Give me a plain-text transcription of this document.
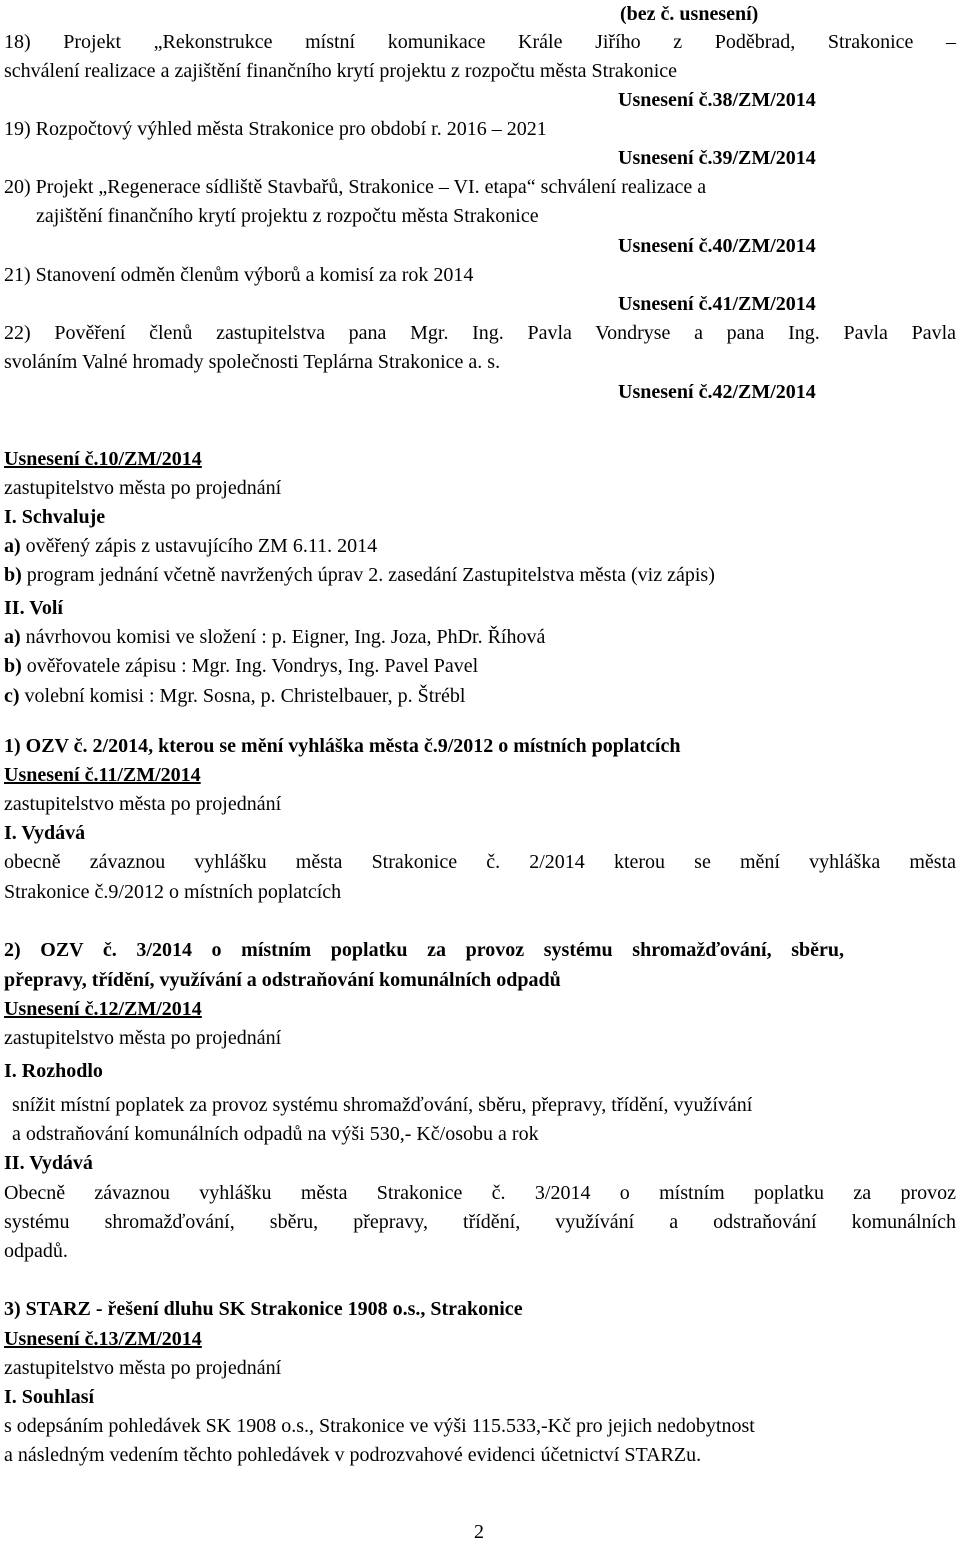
(bez č. usnesení)
18) Projekt „Rekonstrukce místní komunikace Krále Jiřího z Poděbrad, Strakonice –
schválení realizace a zajištění finančního krytí projektu z rozpočtu města Strakonice
Usnesení č.38/ZM/2014
19) Rozpočtový výhled města Strakonice pro období r. 2016 – 2021
Usnesení č.39/ZM/2014
20) Projekt „Regenerace sídliště Stavbařů, Strakonice – VI. etapa“ schválení realizace a
zajištění finančního krytí projektu z rozpočtu města Strakonice
Usnesení č.40/ZM/2014
21) Stanovení odměn členům výborů a komisí za rok 2014
Usnesení č.41/ZM/2014
22) Pověření členů zastupitelstva pana Mgr. Ing. Pavla Vondryse a pana Ing. Pavla Pavla
svoláním Valné hromady společnosti Teplárna Strakonice a. s.
Usnesení č.42/ZM/2014
Usnesení č.10/ZM/2014
zastupitelstvo města po projednání
I. Schvaluje
a) ověřený zápis z ustavujícího ZM 6.11. 2014
b) program jednání včetně navržených úprav 2. zasedání Zastupitelstva města (viz zápis)
II. Volí
a) návrhovou komisi ve složení : p. Eigner, Ing. Joza, PhDr. Říhová
b) ověřovatele zápisu : Mgr. Ing. Vondrys, Ing. Pavel Pavel
c) volební komisi : Mgr. Sosna, p. Christelbauer, p. Štrébl
1) OZV č. 2/2014, kterou se mění vyhláška města č.9/2012 o místních poplatcích
Usnesení č.11/ZM/2014
zastupitelstvo města po projednání
I. Vydává
obecně závaznou vyhlášku města Strakonice č. 2/2014 kterou se mění vyhláška města
Strakonice č.9/2012 o místních poplatcích
2) OZV č. 3/2014 o místním poplatku za provoz systému shromažďování, sběru,
přepravy, třídění, využívání a odstraňování komunálních odpadů
Usnesení č.12/ZM/2014
zastupitelstvo města po projednání
I. Rozhodlo
snížit místní poplatek za provoz systému shromažďování, sběru, přepravy, třídění, využívání
a odstraňování komunálních odpadů na výši 530,- Kč/osobu a rok
II. Vydává
Obecně závaznou vyhlášku města Strakonice č. 3/2014 o místním poplatku za provoz
systému shromažďování, sběru, přepravy, třídění, využívání a odstraňování komunálních
odpadů.
3) STARZ - řešení dluhu SK Strakonice 1908 o.s., Strakonice
Usnesení č.13/ZM/2014
zastupitelstvo města po projednání
I. Souhlasí
s odepsáním pohledávek SK 1908 o.s., Strakonice ve výši 115.533,-Kč pro jejich nedobytnost
a následným vedením těchto pohledávek v podrozvahové evidenci účetnictví STARZu.
2
